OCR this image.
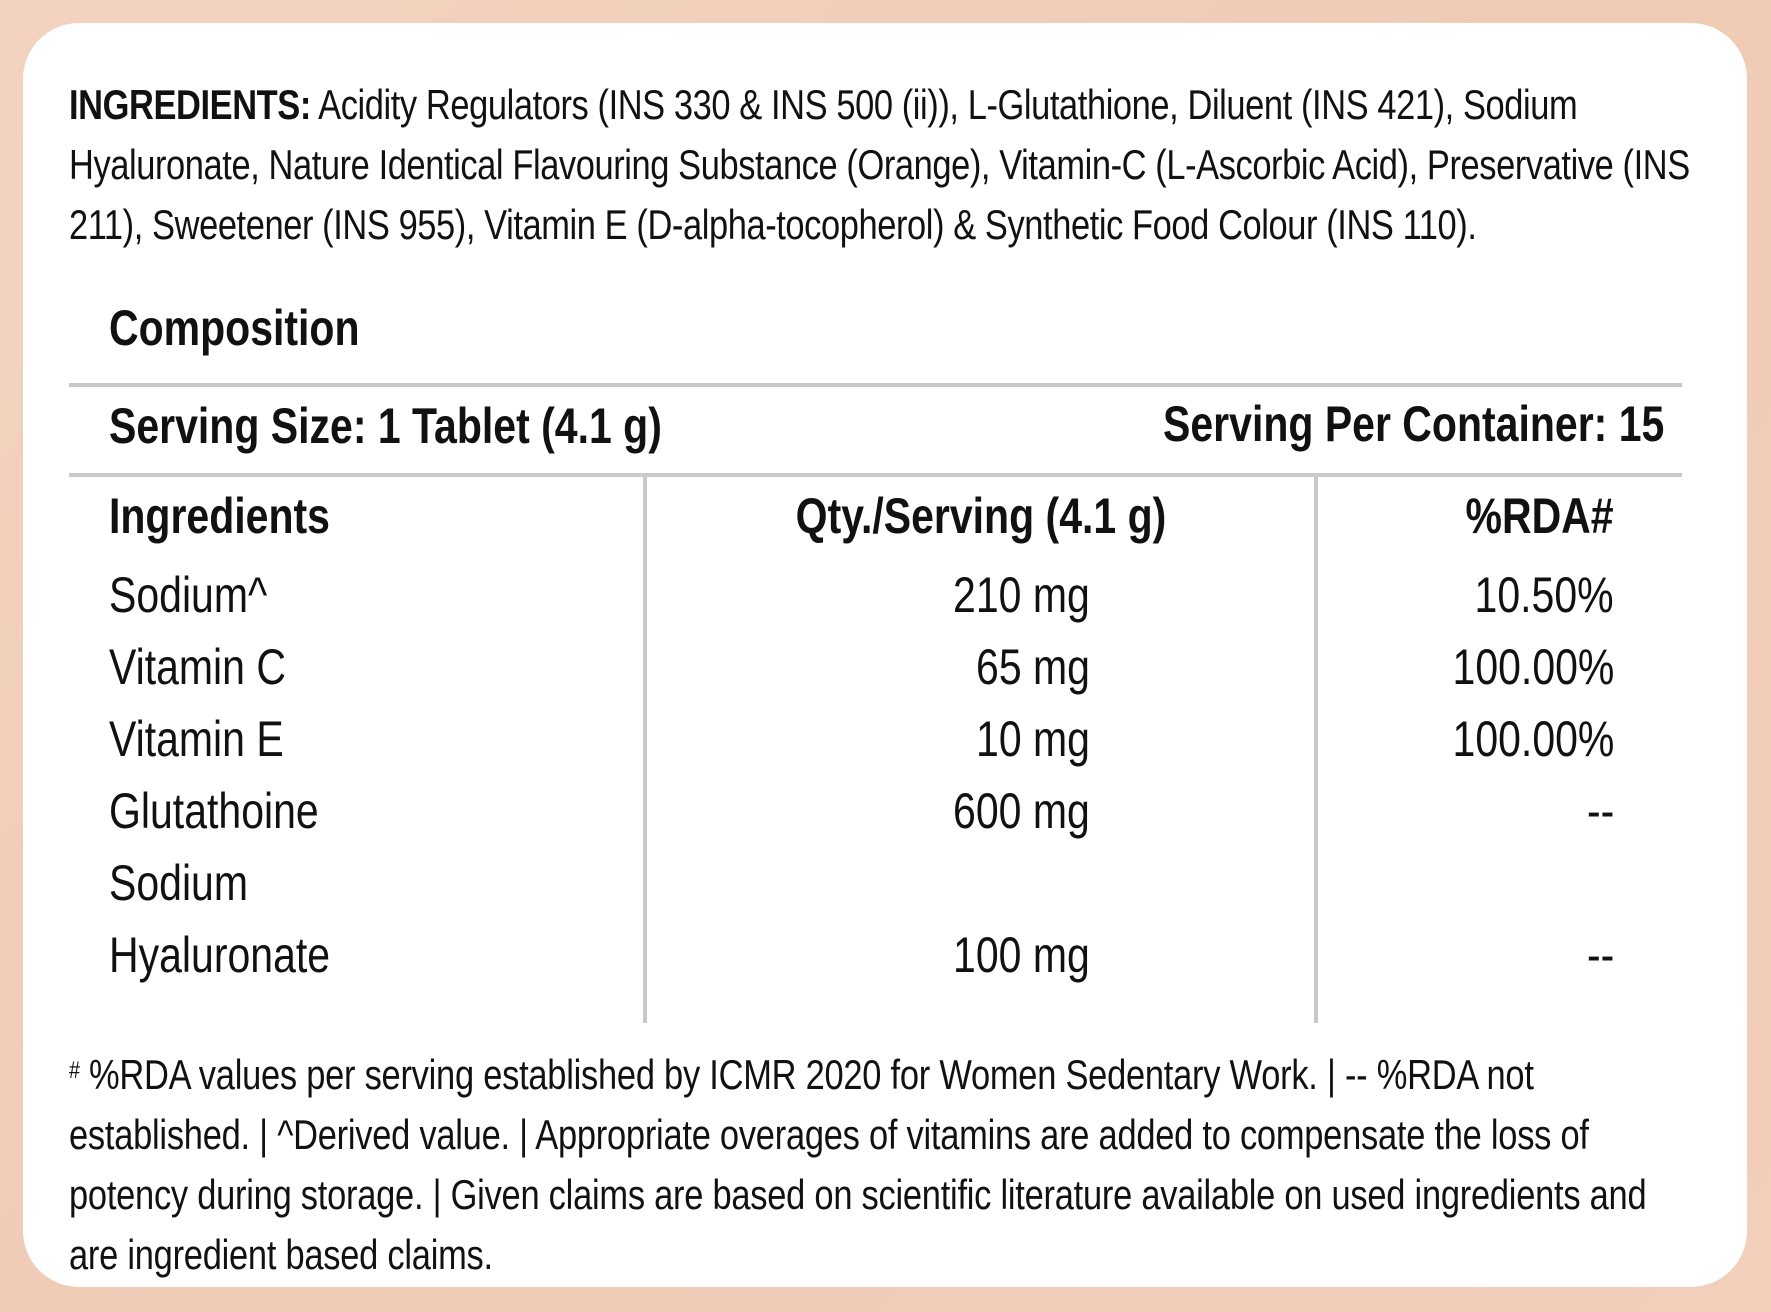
INGREDIENTS: Acidity Regulators (INS 330 & INS 500 (ii)), L-Glutathione, Diluent (INS 421), Sodium Hyaluronate, Nature Identical Flavouring Substance (Orange), Vitamin-C (L-Ascorbic Acid), Preservative (INS 211), Sweetener (INS 955), Vitamin E (D-alpha-tocopherol) & Synthetic Food Colour (INS 110).

Composition
Serving Size: 1 Tablet (4.1 g)	Serving Per Container: 15
Ingredients	Qty./Serving (4.1 g)	%RDA#
Sodium^	210 mg	10.50%
Vitamin C	65 mg	100.00%
Vitamin E	10 mg	100.00%
Glutathoine	600 mg	--
Sodium
Hyaluronate	100 mg	--

# %RDA values per serving established by ICMR 2020 for Women Sedentary Work. | -- %RDA not established. | ^Derived value. | Appropriate overages of vitamins are added to compensate the loss of potency during storage. | Given claims are based on scientific literature available on used ingredients and are ingredient based claims.
